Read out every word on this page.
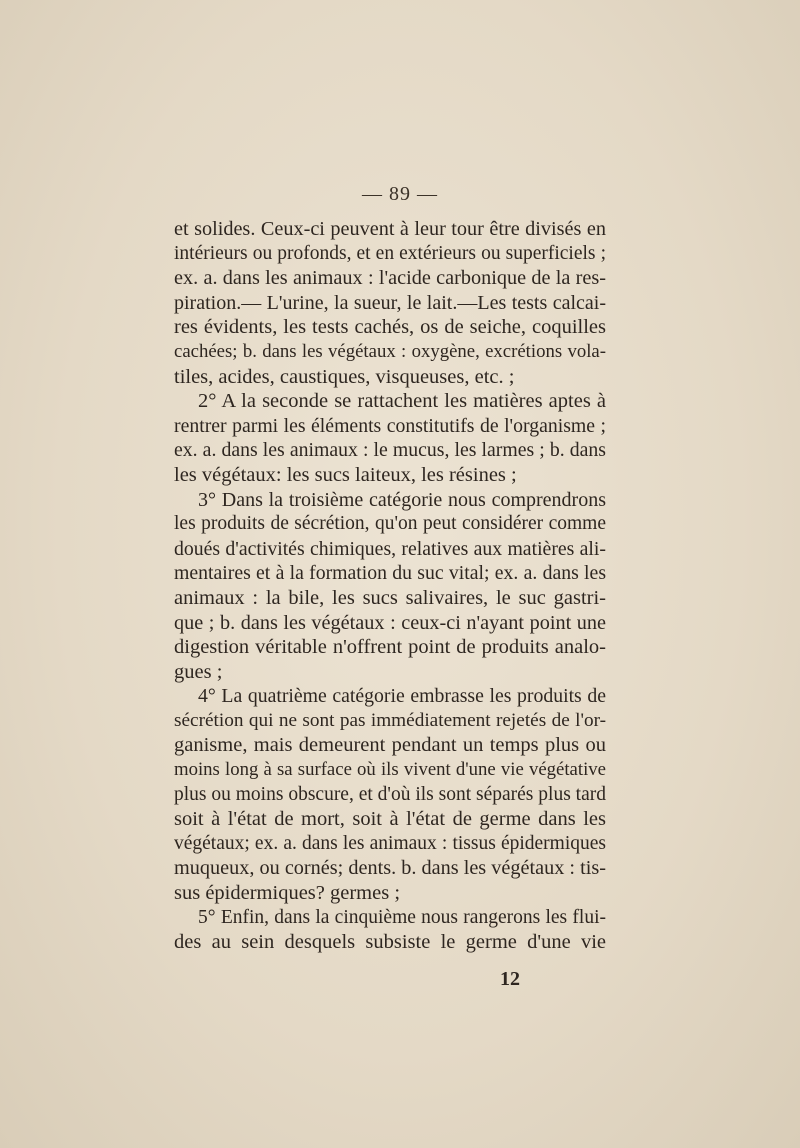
— 89 —
et solides. Ceux-ci peuvent à leur tour être divisés en
intérieurs ou profonds, et en extérieurs ou superficiels ;
ex. a. dans les animaux : l'acide carbonique de la res-
piration.— L'urine, la sueur, le lait.—Les tests calcai-
res évidents, les tests cachés, os de seiche, coquilles
cachées; b. dans les végétaux : oxygène, excrétions vola-
tiles, acides, caustiques, visqueuses, etc. ;
2° A la seconde se rattachent les matières aptes à
rentrer parmi les éléments constitutifs de l'organisme ;
ex. a. dans les animaux : le mucus, les larmes ; b. dans
les végétaux: les sucs laiteux, les résines ;
3° Dans la troisième catégorie nous comprendrons
les produits de sécrétion, qu'on peut considérer comme
doués d'activités chimiques, relatives aux matières ali-
mentaires et à la formation du suc vital; ex. a. dans les
animaux : la bile, les sucs salivaires, le suc gastri-
que ; b. dans les végétaux : ceux-ci n'ayant point une
digestion véritable n'offrent point de produits analo-
gues ;
4° La quatrième catégorie embrasse les produits de
sécrétion qui ne sont pas immédiatement rejetés de l'or-
ganisme, mais demeurent pendant un temps plus ou
moins long à sa surface où ils vivent d'une vie végétative
plus ou moins obscure, et d'où ils sont séparés plus tard
soit à l'état de mort, soit à l'état de germe dans les
végétaux; ex. a. dans les animaux : tissus épidermiques
muqueux, ou cornés; dents. b. dans les végétaux : tis-
sus épidermiques? germes ;
5° Enfin, dans la cinquième nous rangerons les flui-
des au sein desquels subsiste le germe d'une vie
12
